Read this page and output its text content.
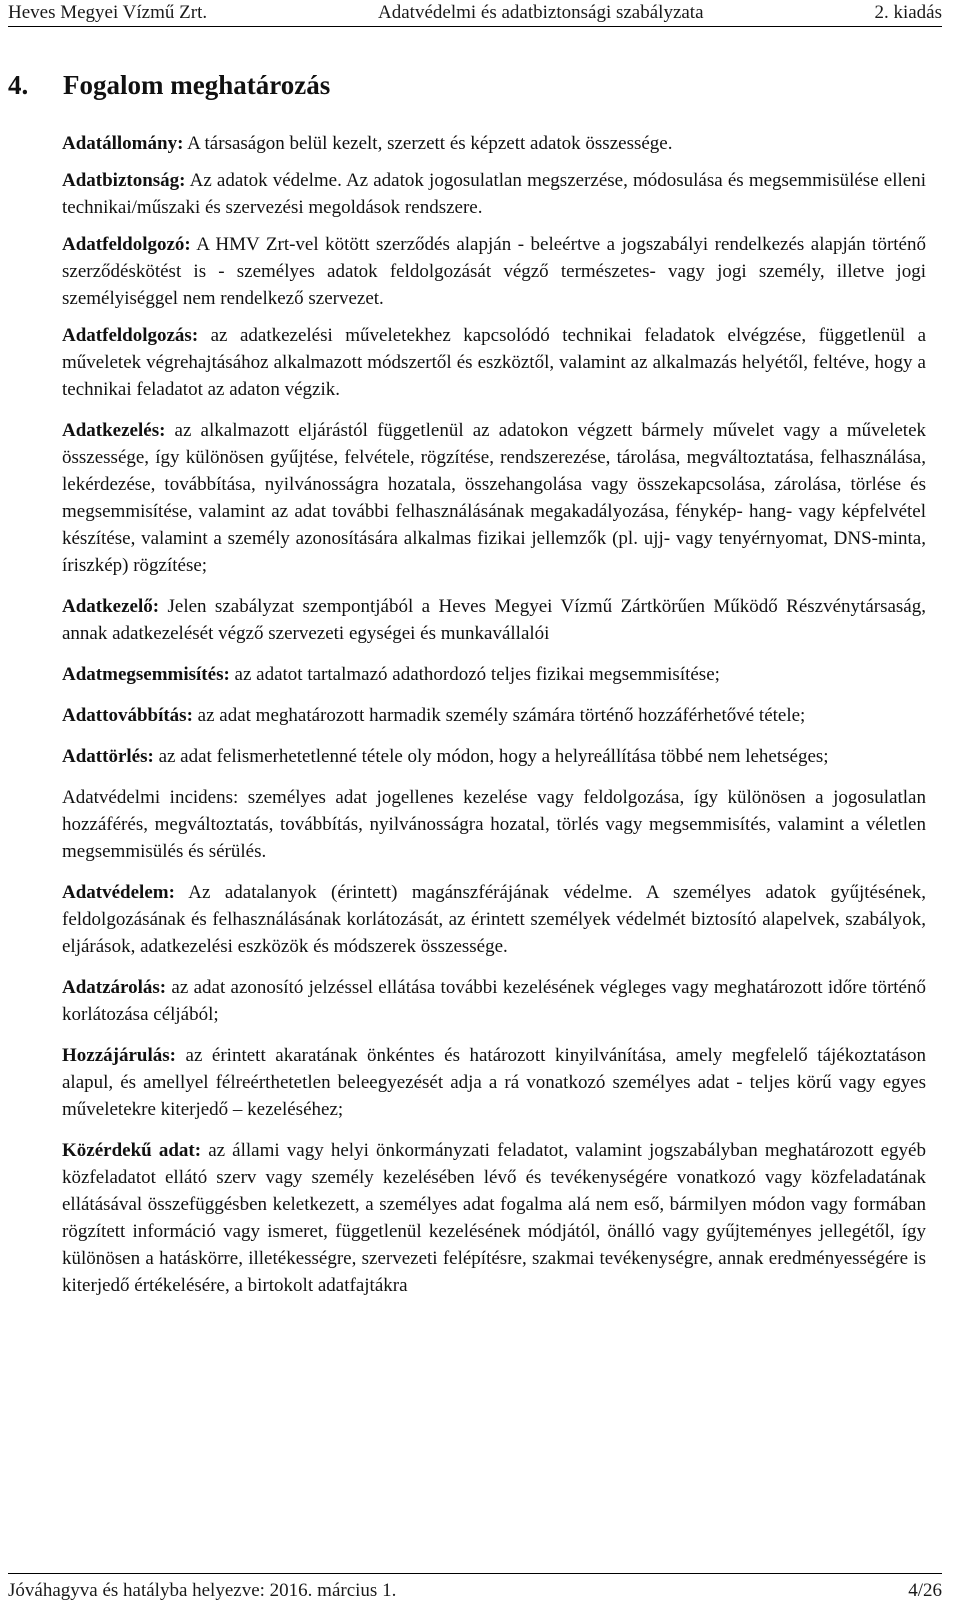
Heves Megyei Vízmű Zrt.	Adatvédelmi és adatbiztonsági szabályzata	2. kiadás
4.	Fogalom meghatározás

Adatállomány: A társaságon belül kezelt, szerzett és képzett adatok összessége.

Adatbiztonság: Az adatok védelme. Az adatok jogosulatlan megszerzése, módosulása és megsemmisülése elleni technikai/műszaki és szervezési megoldások rendszere.

Adatfeldolgozó: A HMV Zrt-vel kötött szerződés alapján - beleértve a jogszabályi rendelkezés alapján történő szerződéskötést is - személyes adatok feldolgozását végző természetes- vagy jogi személy, illetve jogi személyiséggel nem rendelkező szervezet.

Adatfeldolgozás: az adatkezelési műveletekhez kapcsolódó technikai feladatok elvégzése, függetlenül a műveletek végrehajtásához alkalmazott módszertől és eszköztől, valamint az alkalmazás helyétől, feltéve, hogy a technikai feladatot az adaton végzik.

Adatkezelés: az alkalmazott eljárástól függetlenül az adatokon végzett bármely művelet vagy a műveletek összessége, így különösen gyűjtése, felvétele, rögzítése, rendszerezése, tárolása, megváltoztatása, felhasználása, lekérdezése, továbbítása, nyilvánosságra hozatala, összehangolása vagy összekapcsolása, zárolása, törlése és megsemmisítése, valamint az adat további felhasználásának megakadályozása, fénykép- hang- vagy képfelvétel készítése, valamint a személy azonosítására alkalmas fizikai jellemzők (pl. ujj- vagy tenyérnyomat, DNS-minta, íriszkép) rögzítése;

Adatkezelő: Jelen szabályzat szempontjából a Heves Megyei Vízmű Zártkörűen Működő Részvénytársaság, annak adatkezelését végző szervezeti egységei és munkavállalói

Adatmegsemmisítés: az adatot tartalmazó adathordozó teljes fizikai megsemmisítése;

Adattovábbítás: az adat meghatározott harmadik személy számára történő hozzáférhetővé tétele;

Adattörlés: az adat felismerhetetlenné tétele oly módon, hogy a helyreállítása többé nem lehetséges;

Adatvédelmi incidens: személyes adat jogellenes kezelése vagy feldolgozása, így különösen a jogosulatlan hozzáférés, megváltoztatás, továbbítás, nyilvánosságra hozatal, törlés vagy megsemmisítés, valamint a véletlen megsemmisülés és sérülés.

Adatvédelem: Az adatalanyok (érintett) magánszférájának védelme. A személyes adatok gyűjtésének, feldolgozásának és felhasználásának korlátozását, az érintett személyek védelmét biztosító alapelvek, szabályok, eljárások, adatkezelési eszközök és módszerek összessége.

Adatzárolás: az adat azonosító jelzéssel ellátása további kezelésének végleges vagy meghatározott időre történő korlátozása céljából;

Hozzájárulás: az érintett akaratának önkéntes és határozott kinyilvánítása, amely megfelelő tájékoztatáson alapul, és amellyel félreérthetetlen beleegyezését adja a rá vonatkozó személyes adat - teljes körű vagy egyes műveletekre kiterjedő – kezeléséhez;

Közérdekű adat: az állami vagy helyi önkormányzati feladatot, valamint jogszabályban meghatározott egyéb közfeladatot ellátó szerv vagy személy kezelésében lévő és tevékenységére vonatkozó vagy közfeladatának ellátásával összefüggésben keletkezett, a személyes adat fogalma alá nem eső, bármilyen módon vagy formában rögzített információ vagy ismeret, függetlenül kezelésének módjától, önálló vagy gyűjteményes jellegétől, így különösen a hatáskörre, illetékességre, szervezeti felépítésre, szakmai tevékenységre, annak eredményességére is kiterjedő értékelésére, a birtokolt adatfajtákra

Jóváhagyva és hatályba helyezve: 2016. március 1.	4/26
